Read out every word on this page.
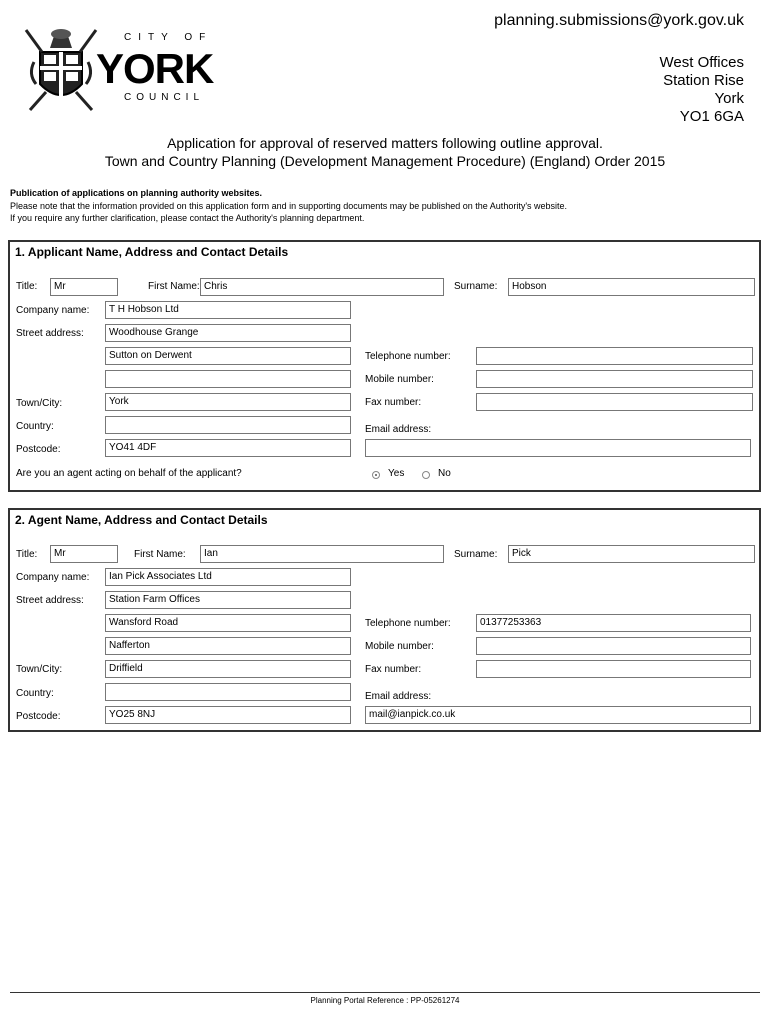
CITY OF
YORK
COUNCIL
planning.submissions@york.gov.uk
West Offices
Station Rise
York
YO1 6GA
Application for approval of reserved matters following outline approval.
Town and Country Planning (Development Management Procedure) (England) Order 2015
Publication of applications on planning authority websites.
Please note that the information provided on this application form and in supporting documents may be published on the Authority's website.
If you require any further clarification, please contact the Authority's planning department.
1. Applicant Name, Address and Contact Details
Title:	Mr	First Name: Chris	Surname:	Hobson
Company name:	T H Hobson Ltd
Street address:	Woodhouse Grange
Sutton on Derwent
Town/City:	York
Country:
Postcode:	YO41 4DF
Telephone number:
Mobile number:
Fax number:
Email address:
Are you an agent acting on behalf of the applicant?	Yes	No
2. Agent Name, Address and Contact Details
Title:	Mr	First Name:	Ian	Surname:	Pick
Company name:	Ian Pick Associates Ltd
Street address:	Station Farm Offices
Wansford Road
Nafferton
Town/City:	Driffield
Country:
Postcode:	YO25 8NJ
Telephone number:	01377253363
Mobile number:
Fax number:
Email address:
mail@ianpick.co.uk
Planning Portal Reference : PP-05261274
